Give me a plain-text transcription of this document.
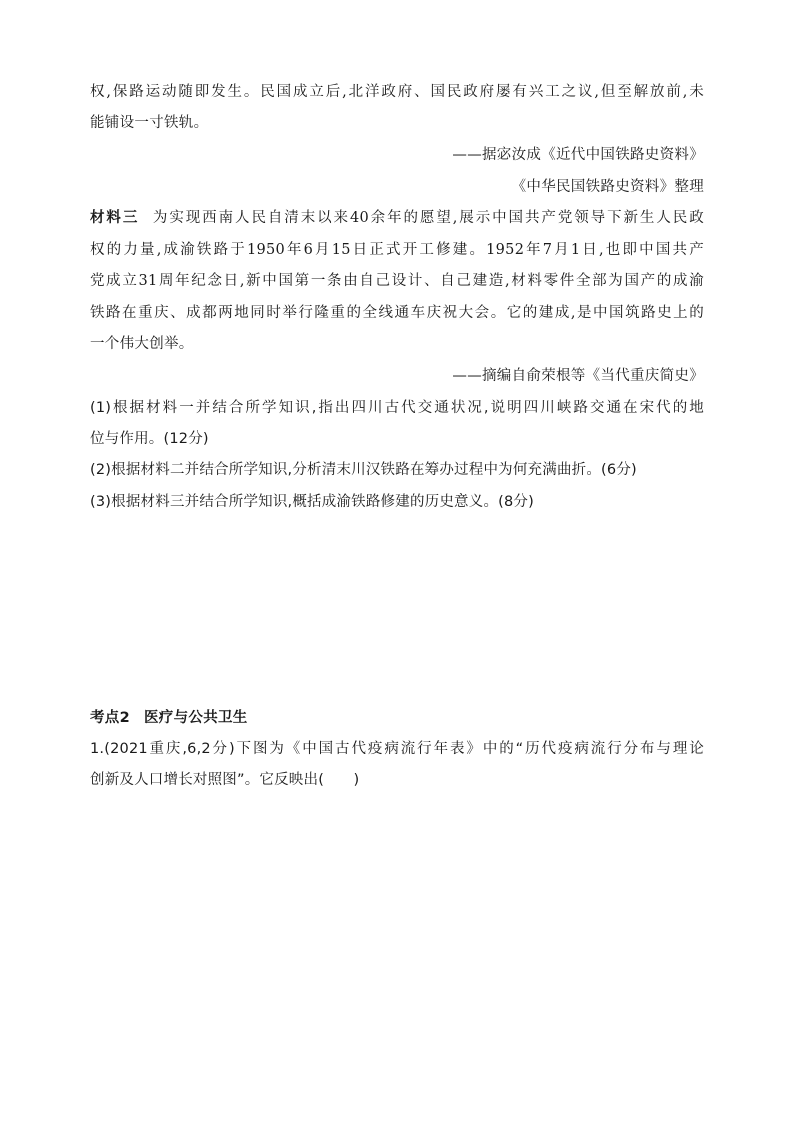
权,保路运动随即发生。民国成立后,北洋政府、国民政府屡有兴工之议,但至解放前,未
能铺设一寸铁轨。
——据宓汝成《近代中国铁路史资料》
《中华民国铁路史资料》整理
材料三 为实现西南人民自清末以来40余年的愿望,展示中国共产党领导下新生人民政
权的力量,成渝铁路于1950年6月15日正式开工修建。1952年7月1日,也即中国共产
党成立31周年纪念日,新中国第一条由自己设计、自己建造,材料零件全部为国产的成渝
铁路在重庆、成都两地同时举行隆重的全线通车庆祝大会。它的建成,是中国筑路史上的
一个伟大创举。
——摘编自俞荣根等《当代重庆简史》
(1)根据材料一并结合所学知识,指出四川古代交通状况,说明四川峡路交通在宋代的地
位与作用。(12分)
(2)根据材料二并结合所学知识,分析清末川汉铁路在筹办过程中为何充满曲折。(6分)
(3)根据材料三并结合所学知识,概括成渝铁路修建的历史意义。(8分)
考点2 医疗与公共卫生
1.(2021重庆,6,2分)下图为《中国古代疫病流行年表》中的“历代疫病流行分布与理论
创新及人口增长对照图”。它反映出(　　)
